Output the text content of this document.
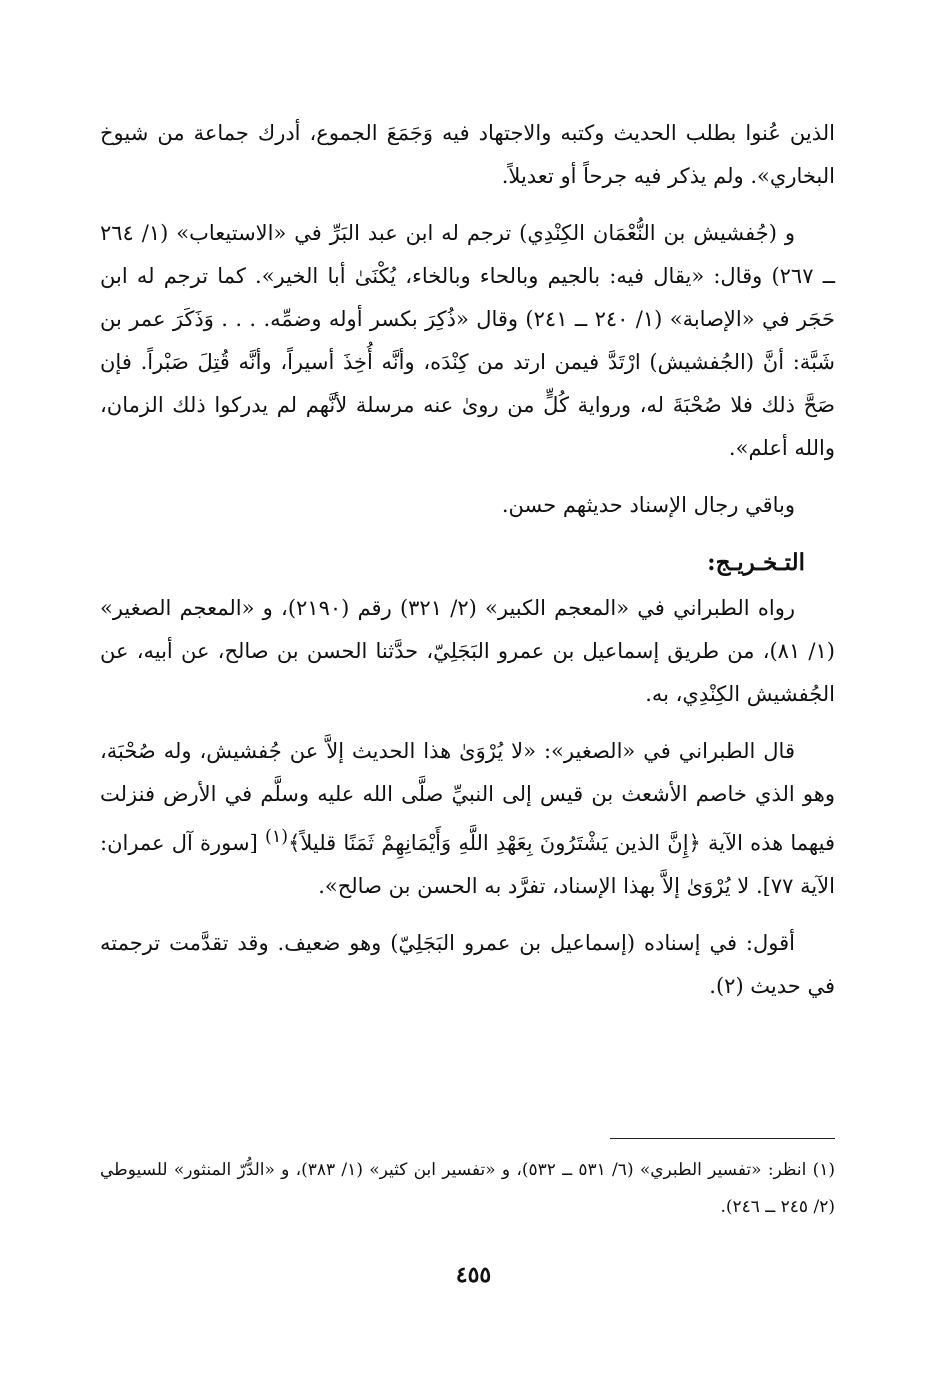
الذين عُنوا بطلب الحديث وكتبه والاجتهاد فيه وَجَمَعَ الجموع، أدرك جماعة من شيوخ البخاري». ولم يذكر فيه جرحاً أو تعديلاً.

و (جُفشيش بن النُّعْمَان الكِنْدِي) ترجم له ابن عبد البَرِّ في «الاستيعاب» (١/ ٢٦٤ ــ ٢٦٧) وقال: «يقال فيه: بالجيم وبالحاء وبالخاء، يُكْنَىٰ أبا الخير». كما ترجم له ابن حَجَر في «الإصابة» (١/ ٢٤٠ ــ ٢٤١) وقال «ذُكِرَ بكسر أوله وضمِّه. . . . وَذَكَرَ عمر بن شَبَّة: أنَّ (الجُفشيش) ارْتَدَّ فيمن ارتد من كِنْدَه، وأنَّه أُخِذَ أسيراً، وأنَّه قُتِلَ صَبْراً. فإن صَحَّ ذلك فلا صُحْبَةَ له، ورواية كُلٍّ من روىٰ عنه مرسلة لأنَّهم لم يدركوا ذلك الزمان، والله أعلم».

وباقي رجال الإسناد حديثهم حسن.

التـخـريـج:

رواه الطبراني في «المعجم الكبير» (٢/ ٣٢١) رقم (٢١٩٠)، و «المعجم الصغير» (١/ ٨١)، من طريق إسماعيل بن عمرو البَجَلِيّ، حدَّثنا الحسن بن صالح، عن أبيه، عن الجُفشيش الكِنْدِي، به.

قال الطبراني في «الصغير»: «لا يُرْوَىٰ هذا الحديث إلاَّ عن جُفشيش، وله صُحْبَة، وهو الذي خاصم الأشعث بن قيس إلى النبيِّ صلَّى الله عليه وسلَّم في الأرض فنزلت فيهما هذه الآية ﴿إِنَّ الذين يَشْتَرُونَ بِعَهْدِ اللَّهِ وَأَيْمَانِهِمْ ثَمَنًا قليلاً﴾$^{(١)}$ [سورة آل عمران: الآية ٧٧]. لا يُرْوَىٰ إلاَّ بهذا الإسناد، تفرَّد به الحسن بن صالح».

أقول: في إسناده (إسماعيل بن عمرو البَجَلِيّ) وهو ضعيف. وقد تقدَّمت ترجمته في حديث (٢).

(١) انظر: «تفسير الطبري» (٦/ ٥٣١ ــ ٥٣٢)، و «تفسير ابن كثير» (١/ ٣٨٣)، و «الدُّرّ المنثور» للسيوطي (٢/ ٢٤٥ ــ ٢٤٦).
٤٥٥
